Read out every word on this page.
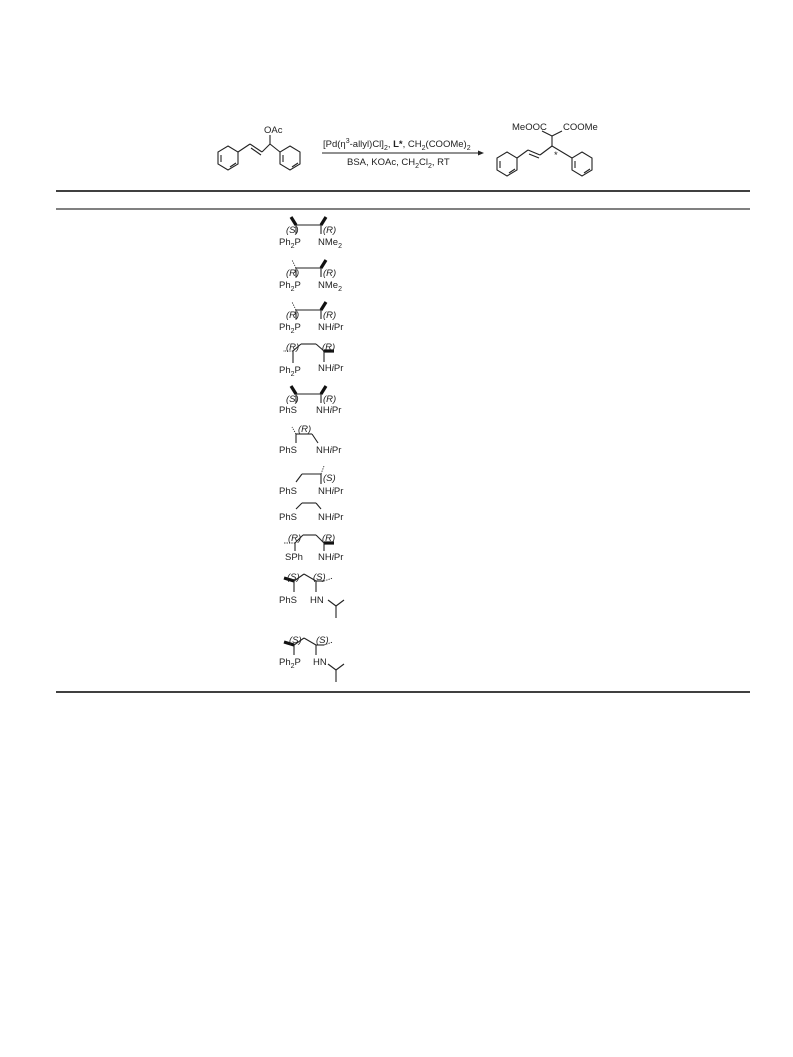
OAc
$[Pd(\eta^3-allyl)Cl]_2$, L*, $CH_2(COOMe)_2$
BSA, KOAc, $CH_2Cl_2$, RT
MeOOC COOMe
*
(S)	(R)
$Ph_2P$ NMe$_2$
(R)	(R)
$Ph_2P$ NMe$_2$
(R)	(R)
$Ph_2P$ NHiPr
(R) (R)
$Ph_2P$ NHiPr
(S)	(R)
PhS NHiPr
(R)
PhS NHiPr
(S)
PhS NHiPr
PhS NHiPr
(R) (R)
SPh NHiPr
(S) (S)
PhS HN
(S) (S)
$Ph_2P$ HN
